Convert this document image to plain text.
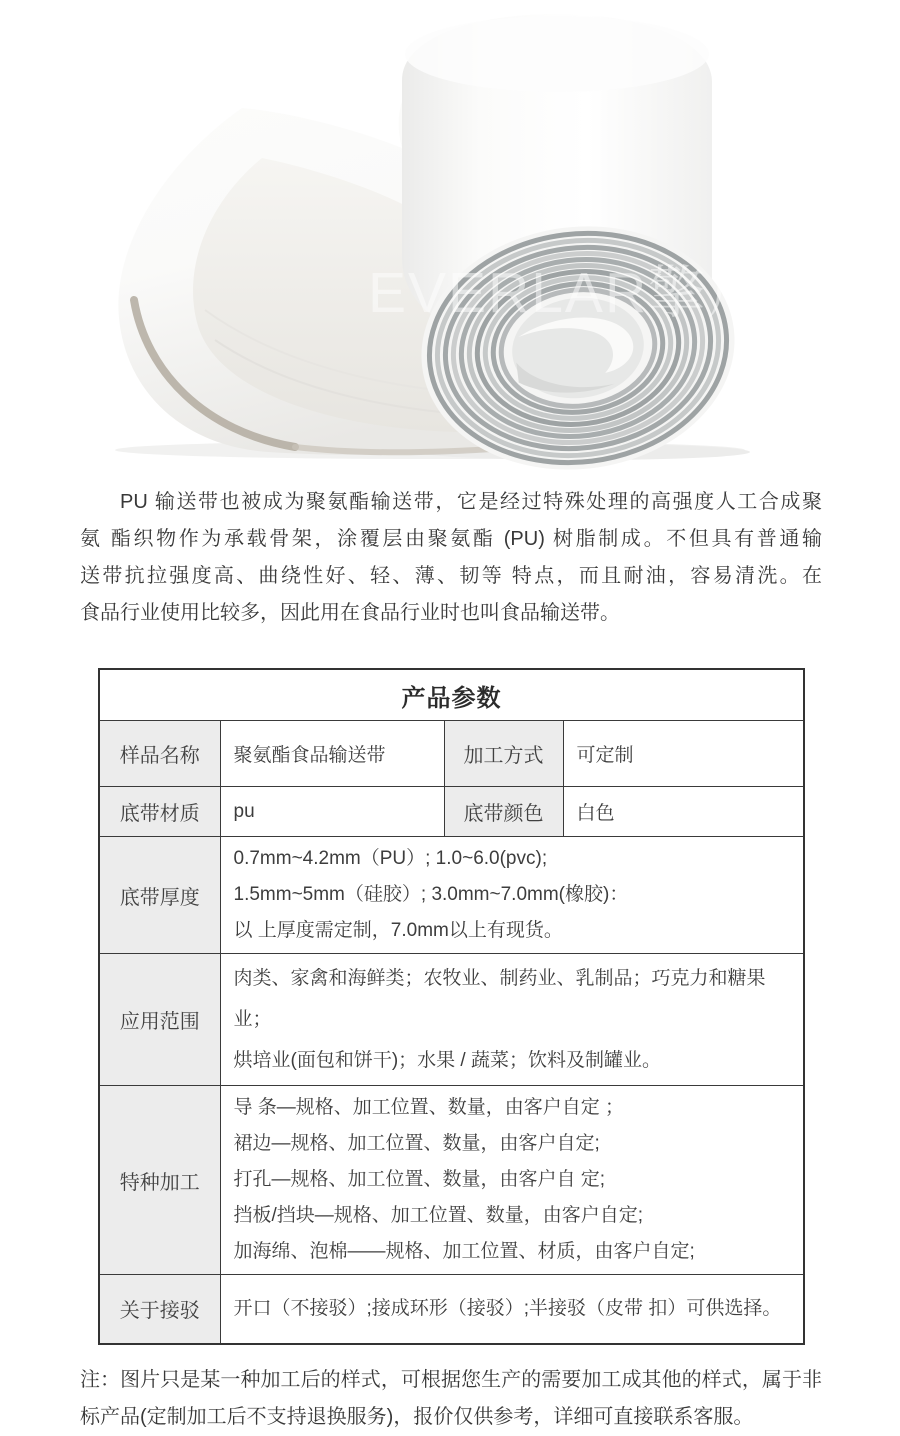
EVERLAR擎川
PU 输送带也被成为聚氨酯输送带，它是经过特殊处理的高强度人工合成聚
氨 酯织物作为承载骨架，涂覆层由聚氨酯 (PU) 树脂制成。不但具有普通输
送带抗拉强度高、曲绕性好、轻、薄、韧等 特点，而且耐油，容易清洗。在
食品行业使用比较多，因此用在食品行业时也叫食品输送带。
产品参数			
样品名称	聚氨酯食品输送带	加工方式	可定制
底带材质	pu	底带颜色	白色
底带厚度	0.7mm~4.2mm（PU）; 1.0~6.0(pvc);
1.5mm~5mm（硅胶）; 3.0mm~7.0mm(橡胶)：
以 上厚度需定制，7.0mm以上有现货。		

应用范围	肉类、家禽和海鲜类；农牧业、制药业、乳制品；巧克力和糖果业；
烘培业(面包和饼干)；水果 / 蔬菜；饮料及制罐业。		

特种加工	导 条—规格、加工位置、数量，由客户自定 ；
裙边—规格、加工位置、数量，由客户自定;
打孔—规格、加工位置、数量，由客户自 定;
挡板/挡块—规格、加工位置、数量，由客户自定;
加海绵、泡棉——规格、加工位置、材质，由客户自定;		

关于接驳	开口（不接驳）;接成环形（接驳）;半接驳（皮带 扣）可供选择。		
注：图片只是某一种加工后的样式，可根据您生产的需要加工成其他的样式，属于非
标产品(定制加工后不支持退换服务)，报价仅供参考，详细可直接联系客服。
